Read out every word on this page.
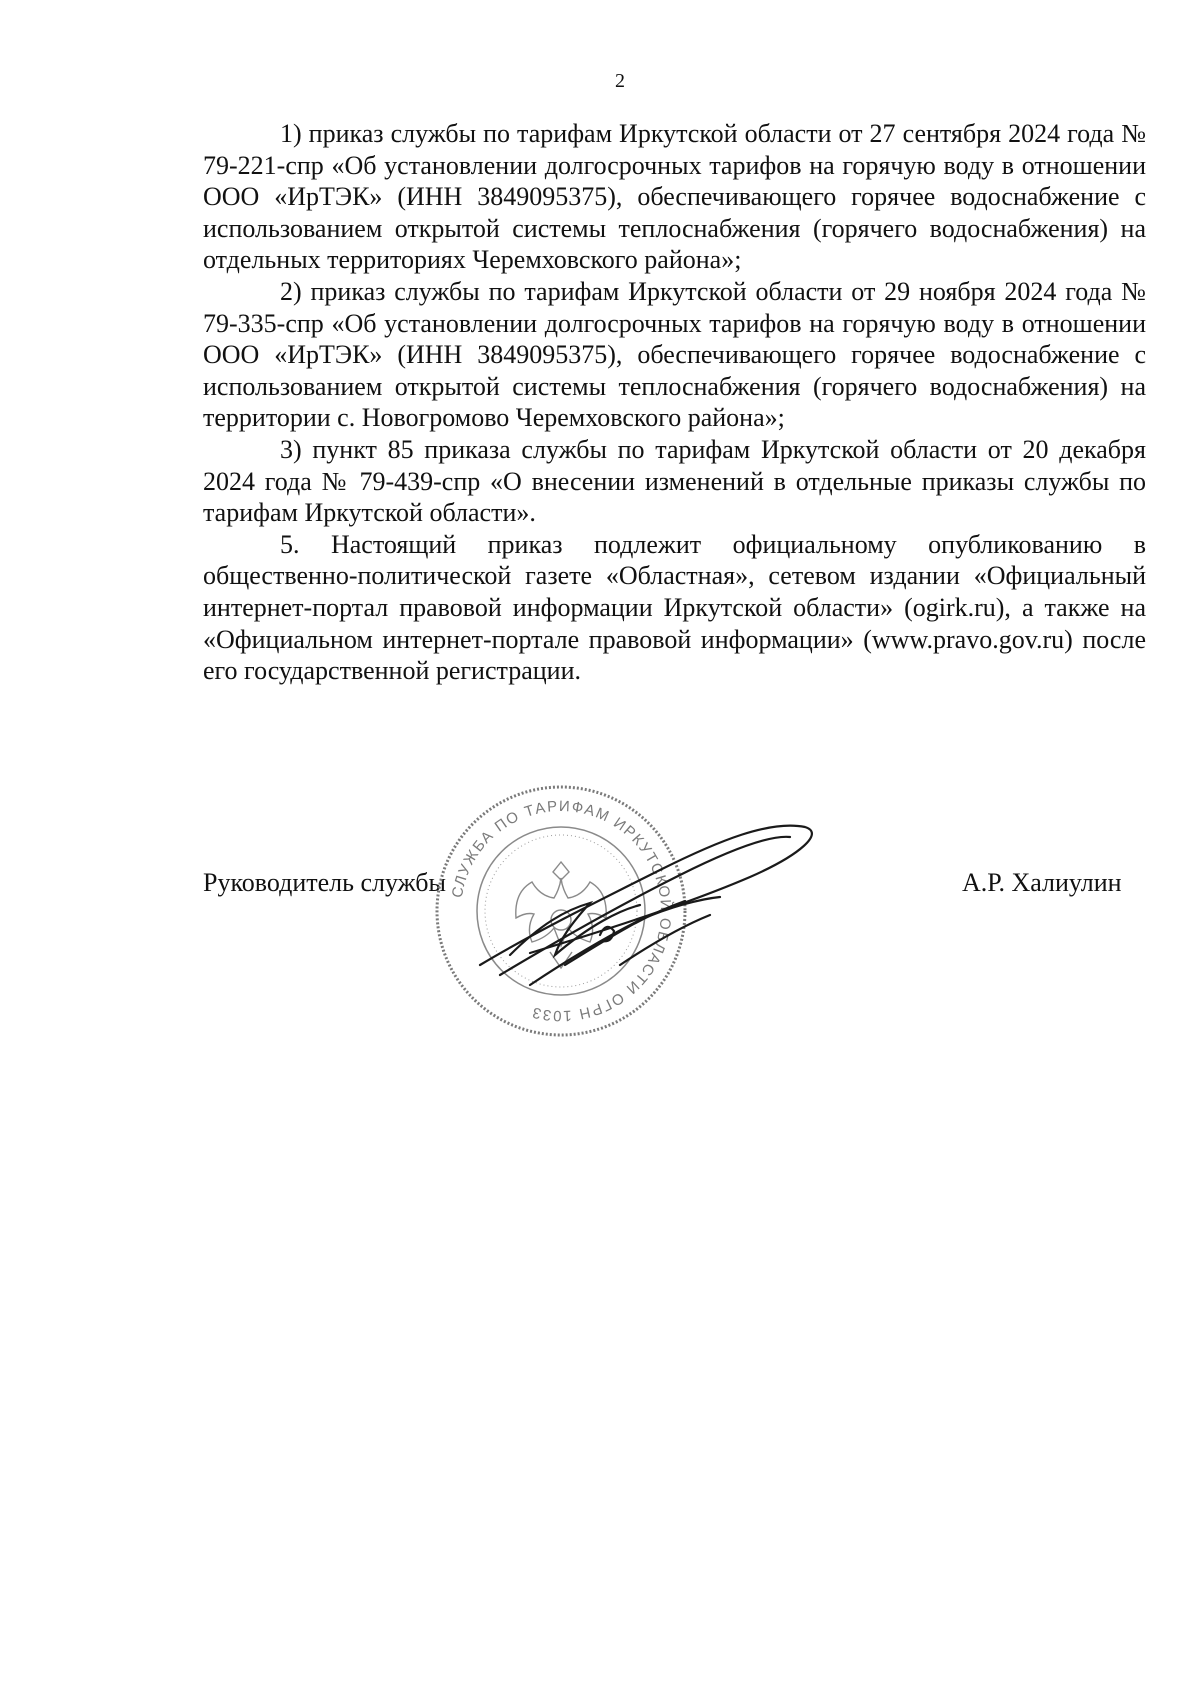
2

1) приказ службы по тарифам Иркутской области от 27 сентября 2024 года № 79-221-спр «Об установлении долгосрочных тарифов на горячую воду в отношении ООО «ИрТЭК» (ИНН 3849095375), обеспечивающего горячее водоснабжение с использованием открытой системы теплоснабжения (горячего водоснабжения) на отдельных территориях Черемховского района»;

2) приказ службы по тарифам Иркутской области от 29 ноября 2024 года № 79-335-спр «Об установлении долгосрочных тарифов на горячую воду в отношении ООО «ИрТЭК» (ИНН 3849095375), обеспечивающего горячее водоснабжение с использованием открытой системы теплоснабжения (горячего водоснабжения) на территории с. Новогромово Черемховского района»;

3) пункт 85 приказа службы по тарифам Иркутской области от 20 декабря 2024 года № 79-439-спр «О внесении изменений в отдельные приказы службы по тарифам Иркутской области».

5. Настоящий приказ подлежит официальному опубликованию в общественно-политической газете «Областная», сетевом издании «Официальный интернет-портал правовой информации Иркутской области» (ogirk.ru), а также на «Официальном интернет-портале правовой информации» (www.pravo.gov.ru) после его государственной регистрации.

Руководитель службы	А.Р. Халиулин
СЛУЖБА ПО ТАРИФАМ ИРКУТСКОЙ ОБЛАСТИ ОГРН 1033
